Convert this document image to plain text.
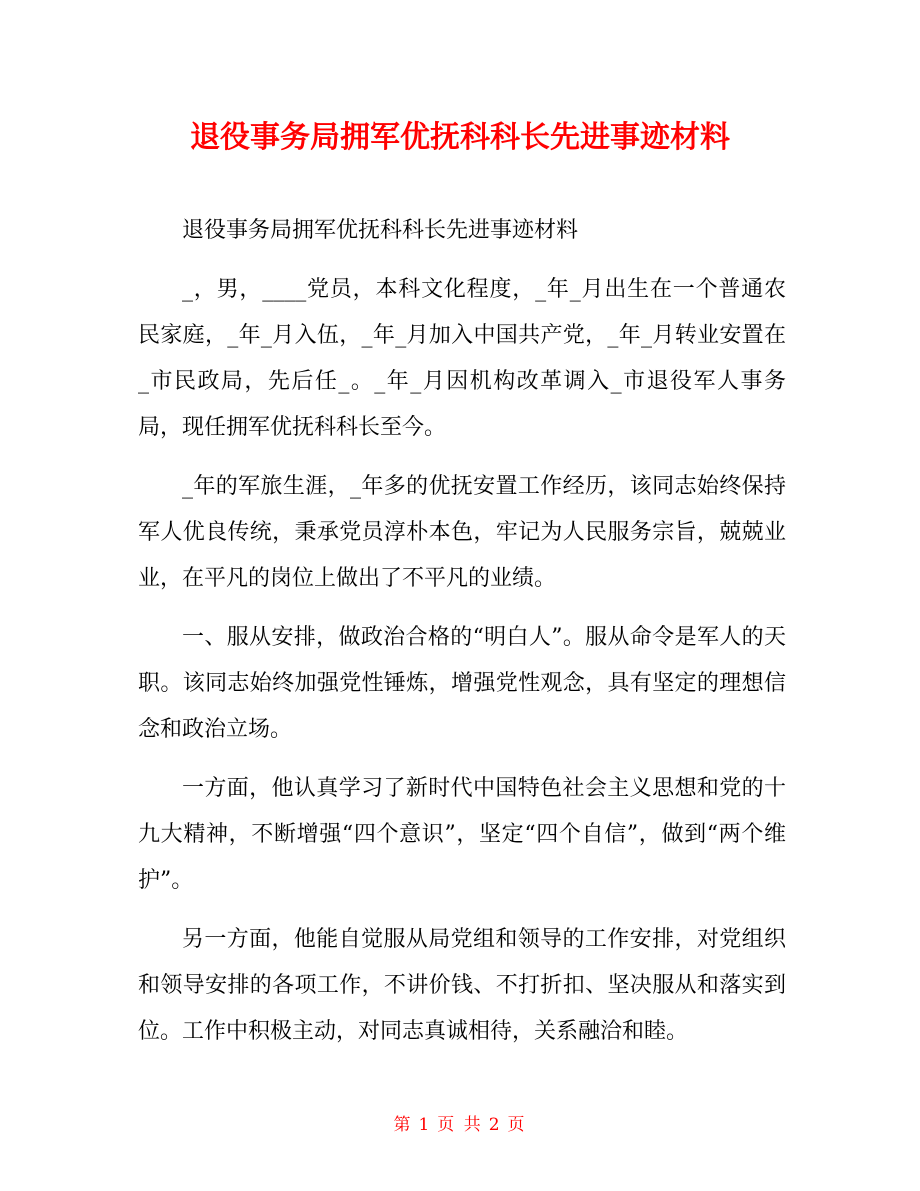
退役事务局拥军优抚科科长先进事迹材料

退役事务局拥军优抚科科长先进事迹材料

_，男，____党员，本科文化程度，_年_月出生在一个普通农民家庭，_年_月入伍，_年_月加入中国共产党，_年_月转业安置在_市民政局，先后任_。_年_月因机构改革调入_市退役军人事务局，现任拥军优抚科科长至今。

_年的军旅生涯，_年多的优抚安置工作经历，该同志始终保持军人优良传统，秉承党员淳朴本色，牢记为人民服务宗旨，兢兢业业，在平凡的岗位上做出了不平凡的业绩。

一、服从安排，做政治合格的“明白人”。服从命令是军人的天职。该同志始终加强党性锤炼，增强党性观念，具有坚定的理想信念和政治立场。

一方面，他认真学习了新时代中国特色社会主义思想和党的十九大精神，不断增强“四个意识”，坚定“四个自信”，做到“两个维护”。

另一方面，他能自觉服从局党组和领导的工作安排，对党组织和领导安排的各项工作，不讲价钱、不打折扣、坚决服从和落实到位。工作中积极主动，对同志真诚相待，关系融洽和睦。

第 1 页 共 2 页
